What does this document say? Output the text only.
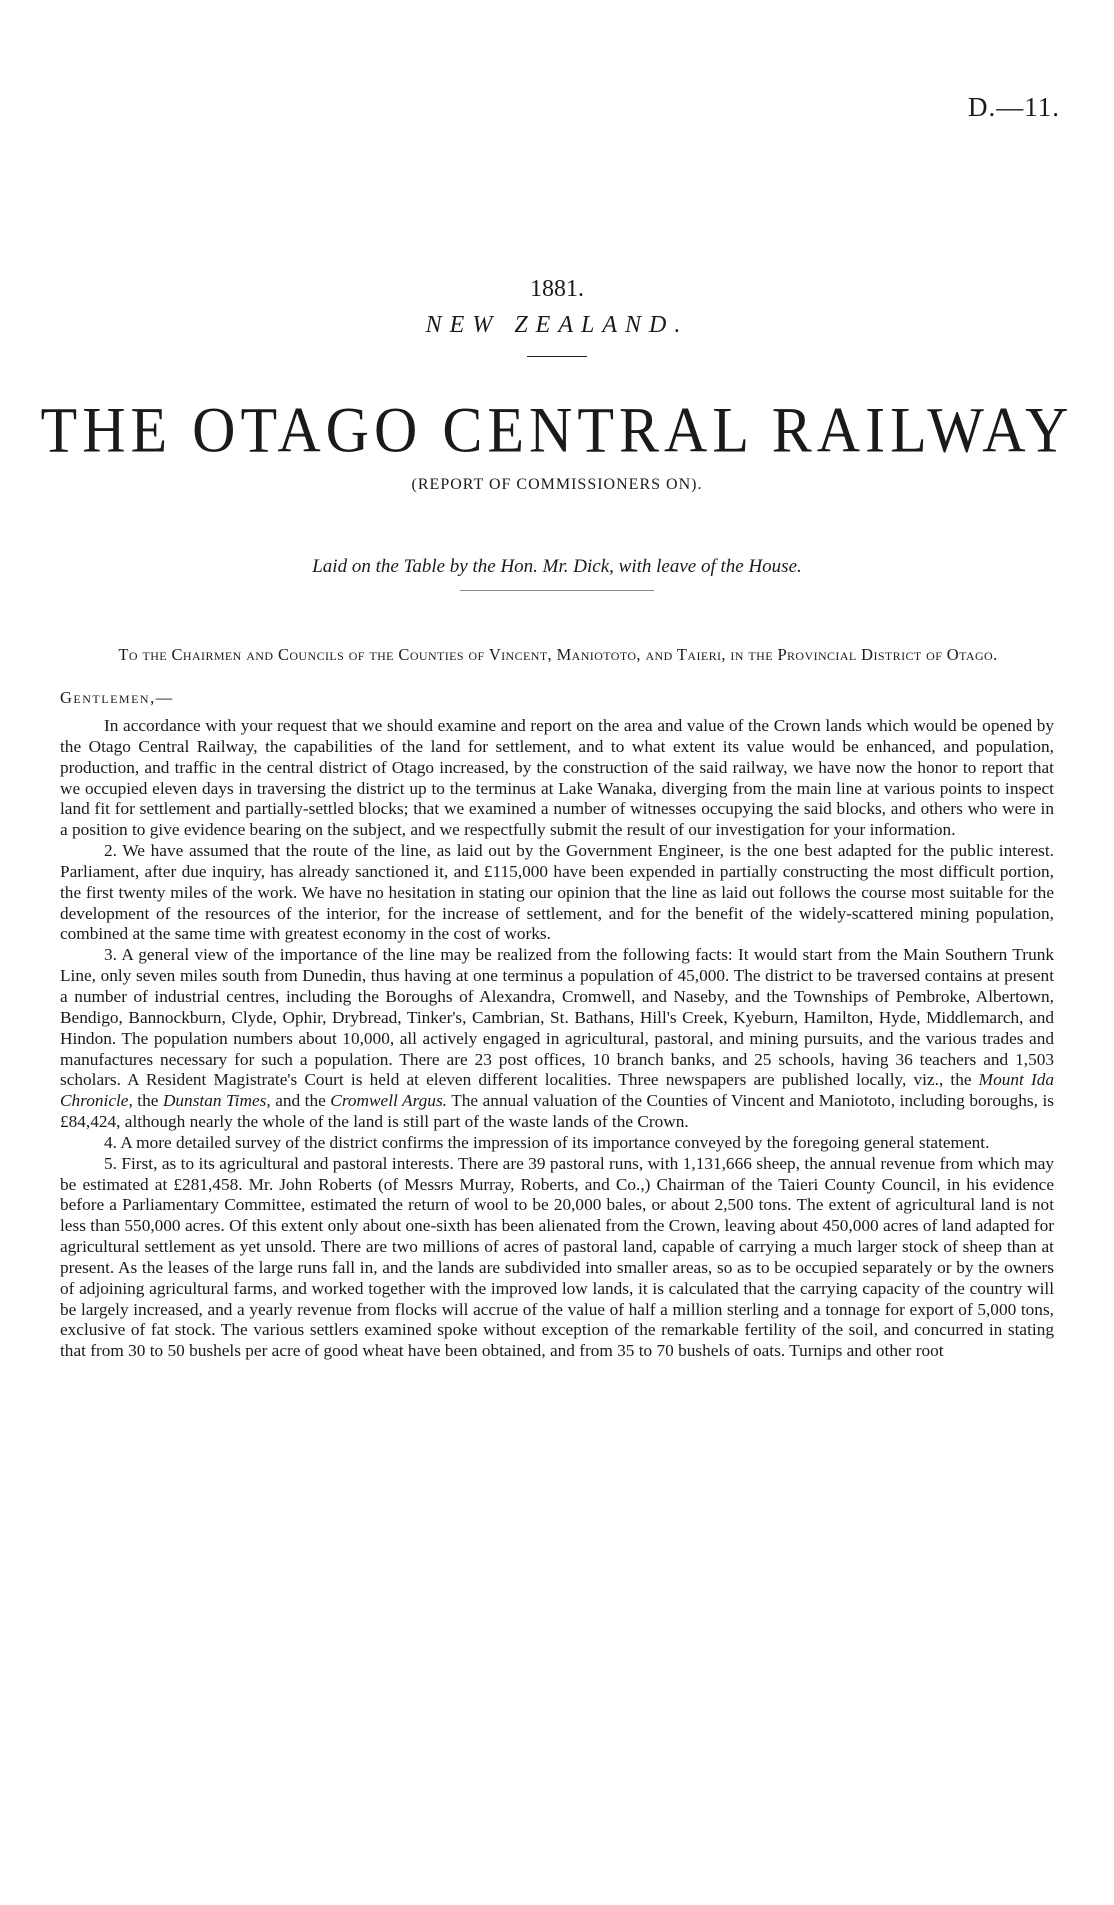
D.—11.
1881.
NEW ZEALAND.
THE OTAGO CENTRAL RAILWAY
(REPORT OF COMMISSIONERS ON).
Laid on the Table by the Hon. Mr. Dick, with leave of the House.
To the Chairmen and Councils of the Counties of Vincent, Maniototo, and Taieri, in the Provincial District of Otago.
Gentlemen,—

In accordance with your request that we should examine and report on the area and value of the Crown lands which would be opened by the Otago Central Railway, the capabilities of the land for settlement, and to what extent its value would be enhanced, and population, production, and traffic in the central district of Otago increased, by the construction of the said railway, we have now the honor to report that we occupied eleven days in traversing the district up to the terminus at Lake Wanaka, diverging from the main line at various points to inspect land fit for settlement and partially-settled blocks; that we examined a number of witnesses occupying the said blocks, and others who were in a position to give evidence bearing on the subject, and we respectfully submit the result of our investigation for your information.

2. We have assumed that the route of the line, as laid out by the Government Engineer, is the one best adapted for the public interest. Parliament, after due inquiry, has already sanctioned it, and £115,000 have been expended in partially constructing the most difficult portion, the first twenty miles of the work. We have no hesitation in stating our opinion that the line as laid out follows the course most suitable for the development of the resources of the interior, for the increase of settlement, and for the benefit of the widely-scattered mining population, combined at the same time with greatest economy in the cost of works.

3. A general view of the importance of the line may be realized from the following facts: It would start from the Main Southern Trunk Line, only seven miles south from Dunedin, thus having at one terminus a population of 45,000. The district to be traversed contains at present a number of industrial centres, including the Boroughs of Alexandra, Cromwell, and Naseby, and the Townships of Pembroke, Albertown, Bendigo, Bannockburn, Clyde, Ophir, Drybread, Tinker's, Cambrian, St. Bathans, Hill's Creek, Kyeburn, Hamilton, Hyde, Middlemarch, and Hindon. The population numbers about 10,000, all actively engaged in agricultural, pastoral, and mining pursuits, and the various trades and manufactures necessary for such a population. There are 23 post offices, 10 branch banks, and 25 schools, having 36 teachers and 1,503 scholars. A Resident Magistrate's Court is held at eleven different localities. Three newspapers are published locally, viz., the Mount Ida Chronicle, the Dunstan Times, and the Cromwell Argus. The annual valuation of the Counties of Vincent and Maniototo, including boroughs, is £84,424, although nearly the whole of the land is still part of the waste lands of the Crown.

4. A more detailed survey of the district confirms the impression of its importance conveyed by the foregoing general statement.

5. First, as to its agricultural and pastoral interests. There are 39 pastoral runs, with 1,131,666 sheep, the annual revenue from which may be estimated at £281,458. Mr. John Roberts (of Messrs Murray, Roberts, and Co.,) Chairman of the Taieri County Council, in his evidence before a Parliamentary Committee, estimated the return of wool to be 20,000 bales, or about 2,500 tons. The extent of agricultural land is not less than 550,000 acres. Of this extent only about one-sixth has been alienated from the Crown, leaving about 450,000 acres of land adapted for agricultural settlement as yet unsold. There are two millions of acres of pastoral land, capable of carrying a much larger stock of sheep than at present. As the leases of the large runs fall in, and the lands are subdivided into smaller areas, so as to be occupied separately or by the owners of adjoining agricultural farms, and worked together with the improved low lands, it is calculated that the carrying capacity of the country will be largely increased, and a yearly revenue from flocks will accrue of the value of half a million sterling and a tonnage for export of 5,000 tons, exclusive of fat stock. The various settlers examined spoke without exception of the remarkable fertility of the soil, and concurred in stating that from 30 to 50 bushels per acre of good wheat have been obtained, and from 35 to 70 bushels of oats. Turnips and other root
